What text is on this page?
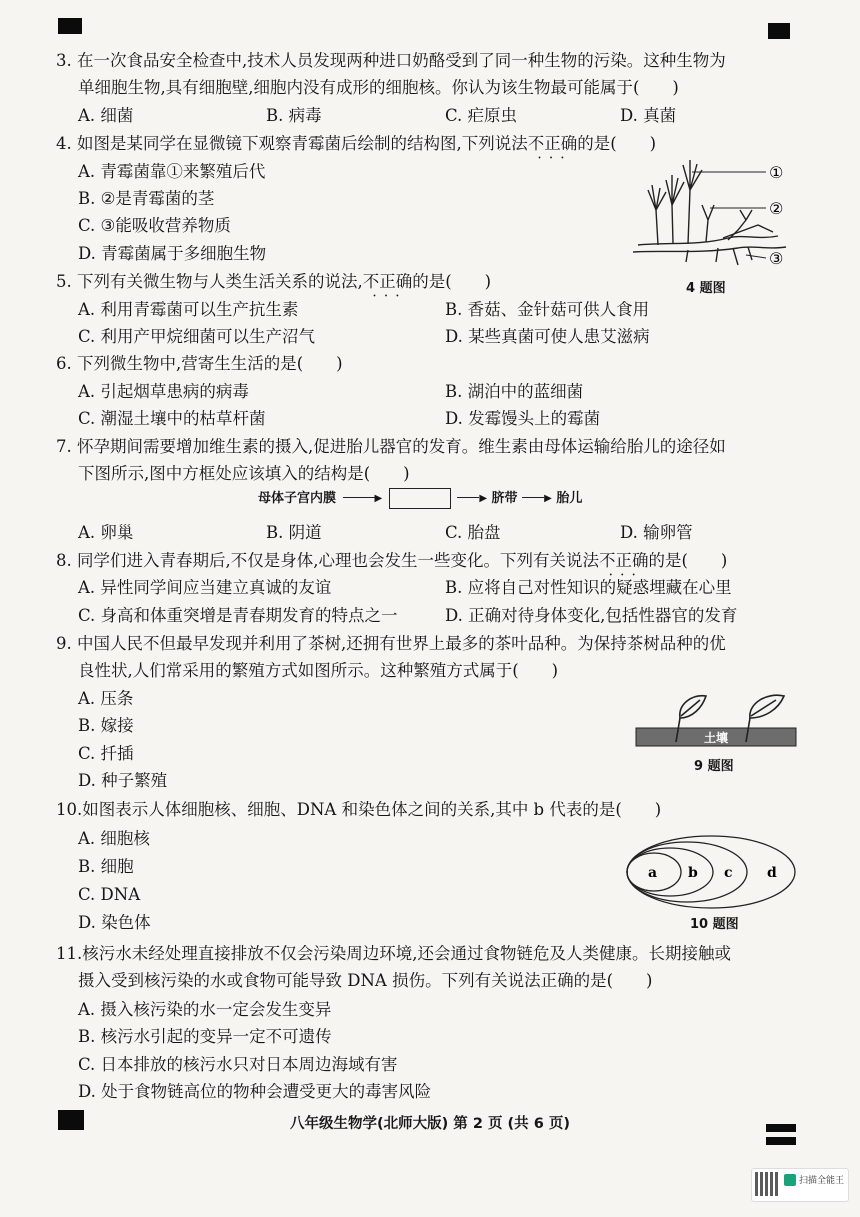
3. 在一次食品安全检查中,技术人员发现两种进口奶酪受到了同一种生物的污染。这种生物为
单细胞生物,具有细胞壁,细胞内没有成形的细胞核。你认为该生物最可能属于(　　)
A. 细菌	B. 病毒	C. 疟原虫	D. 真菌
4. 如图是某同学在显微镜下观察青霉菌后绘制的结构图,下列说法不正确 • • •的是(　　)
A. 青霉菌靠①来繁殖后代
B. ②是青霉菌的茎
C. ③能吸收营养物质
D. 青霉菌属于多细胞生物
①
②
③
4 题图
5. 下列有关微生物与人类生活关系的说法,不正确 • • •的是(　　)
A. 利用青霉菌可以生产抗生素	B. 香菇、金针菇可供人食用
C. 利用产甲烷细菌可以生产沼气	D. 某些真菌可使人患艾滋病
6. 下列微生物中,营寄生生活的是(　　)
A. 引起烟草患病的病毒	B. 湖泊中的蓝细菌
C. 潮湿土壤中的枯草杆菌	D. 发霉馒头上的霉菌
7. 怀孕期间需要增加维生素的摄入,促进胎儿器官的发育。维生素由母体运输给胎儿的途径如
下图所示,图中方框处应该填入的结构是(　　)
母体子宫内膜	▶	▶ 脐带	▶ 胎儿
A. 卵巢	B. 阴道	C. 胎盘	D. 输卵管
8. 同学们进入青春期后,不仅是身体,心理也会发生一些变化。下列有关说法不正确 • • •的是(　　)
A. 异性同学间应当建立真诚的友谊	B. 应将自己对性知识的疑惑埋藏在心里
C. 身高和体重突增是青春期发育的特点之一	D. 正确对待身体变化,包括性器官的发育
9. 中国人民不但最早发现并利用了茶树,还拥有世界上最多的茶叶品种。为保持茶树品种的优
良性状,人们常采用的繁殖方式如图所示。这种繁殖方式属于(　　)
A. 压条
B. 嫁接
C. 扦插
D. 种子繁殖
土壤
9 题图
10.如图表示人体细胞核、细胞、DNA 和染色体之间的关系,其中 b 代表的是(　　)
A. 细胞核
B. 细胞
C. DNA
D. 染色体
a b c d
10 题图
11.核污水未经处理直接排放不仅会污染周边环境,还会通过食物链危及人类健康。长期接触或
摄入受到核污染的水或食物可能导致 DNA 损伤。下列有关说法正确的是(　　)
A. 摄入核污染的水一定会发生变异
B. 核污水引起的变异一定不可遗传
C. 日本排放的核污水只对日本周边海域有害
D. 处于食物链高位的物种会遭受更大的毒害风险
八年级生物学(北师大版) 第 2 页 (共 6 页)
扫描全能王
